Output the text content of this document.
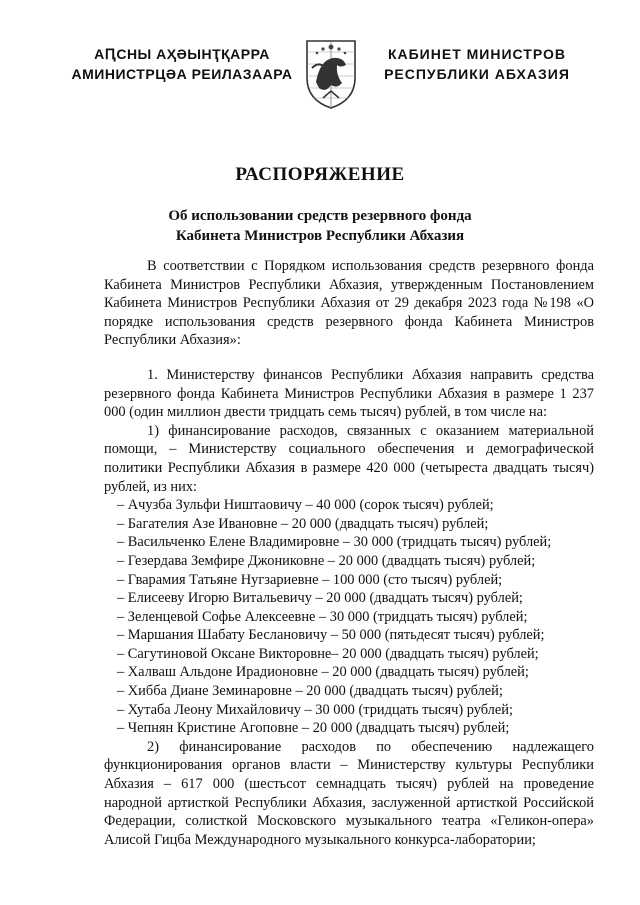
АԤСНЫ АҲӘЫНҬҚАРРА
АМИНИСТРЦӘА РЕИЛАЗААРА
КАБИНЕТ МИНИСТРОВ
РЕСПУБЛИКИ АБХАЗИЯ
РАСПОРЯЖЕНИЕ
Об использовании средств резервного фонда
Кабинета Министров Республики Абхазия

В соответствии с Порядком использования средств резервного фонда Кабинета Министров Республики Абхазия, утвержденным Постановлением Кабинета Министров Республики Абхазия от 29 декабря 2023 года №198 «О порядке использования средств резервного фонда Кабинета Министров Республики Абхазия»:

1. Министерству финансов Республики Абхазия направить средства резервного фонда Кабинета Министров Республики Абхазия в размере 1 237 000 (один миллион двести тридцать семь тысяч) рублей, в том числе на:

1) финансирование расходов, связанных с оказанием материальной помощи, – Министерству социального обеспечения и демографической политики Республики Абхазия в размере 420 000 (четыреста двадцать тысяч) рублей, из них:

– Ачузба Зульфи Ништаовичу – 40 000 (сорок тысяч) рублей;

– Багателия Азе Ивановне – 20 000 (двадцать тысяч) рублей;

– Васильченко Елене Владимировне – 30 000 (тридцать тысяч) рублей;

– Гезердава Земфире Джониковне – 20 000 (двадцать тысяч) рублей;

– Гварамия Татьяне Нугзариевне – 100 000 (сто тысяч) рублей;

– Елисееву Игорю Витальевичу – 20 000 (двадцать тысяч) рублей;

– Зеленцевой Софье Алексеевне – 30 000 (тридцать тысяч) рублей;

– Маршания Шабату Беслановичу – 50 000 (пятьдесят тысяч) рублей;

– Сагутиновой Оксане Викторовне– 20 000 (двадцать тысяч) рублей;

– Халваш Альдоне Ирадионовне – 20 000 (двадцать тысяч) рублей;

– Хибба Диане Земинаровне – 20 000 (двадцать тысяч) рублей;

– Хутаба Леону Михайловичу – 30 000 (тридцать тысяч) рублей;

– Чепнян Кристине Агоповне – 20 000 (двадцать тысяч) рублей;

2) финансирование расходов по обеспечению надлежащего функционирования органов власти – Министерству культуры Республики Абхазия – 617 000 (шестьсот семнадцать тысяч) рублей на проведение народной артисткой Республики Абхазия, заслуженной артисткой Российской Федерации, солисткой Московского музыкального театра «Геликон-опера» Алисой Гицба Международного музыкального конкурса-лаборатории;
